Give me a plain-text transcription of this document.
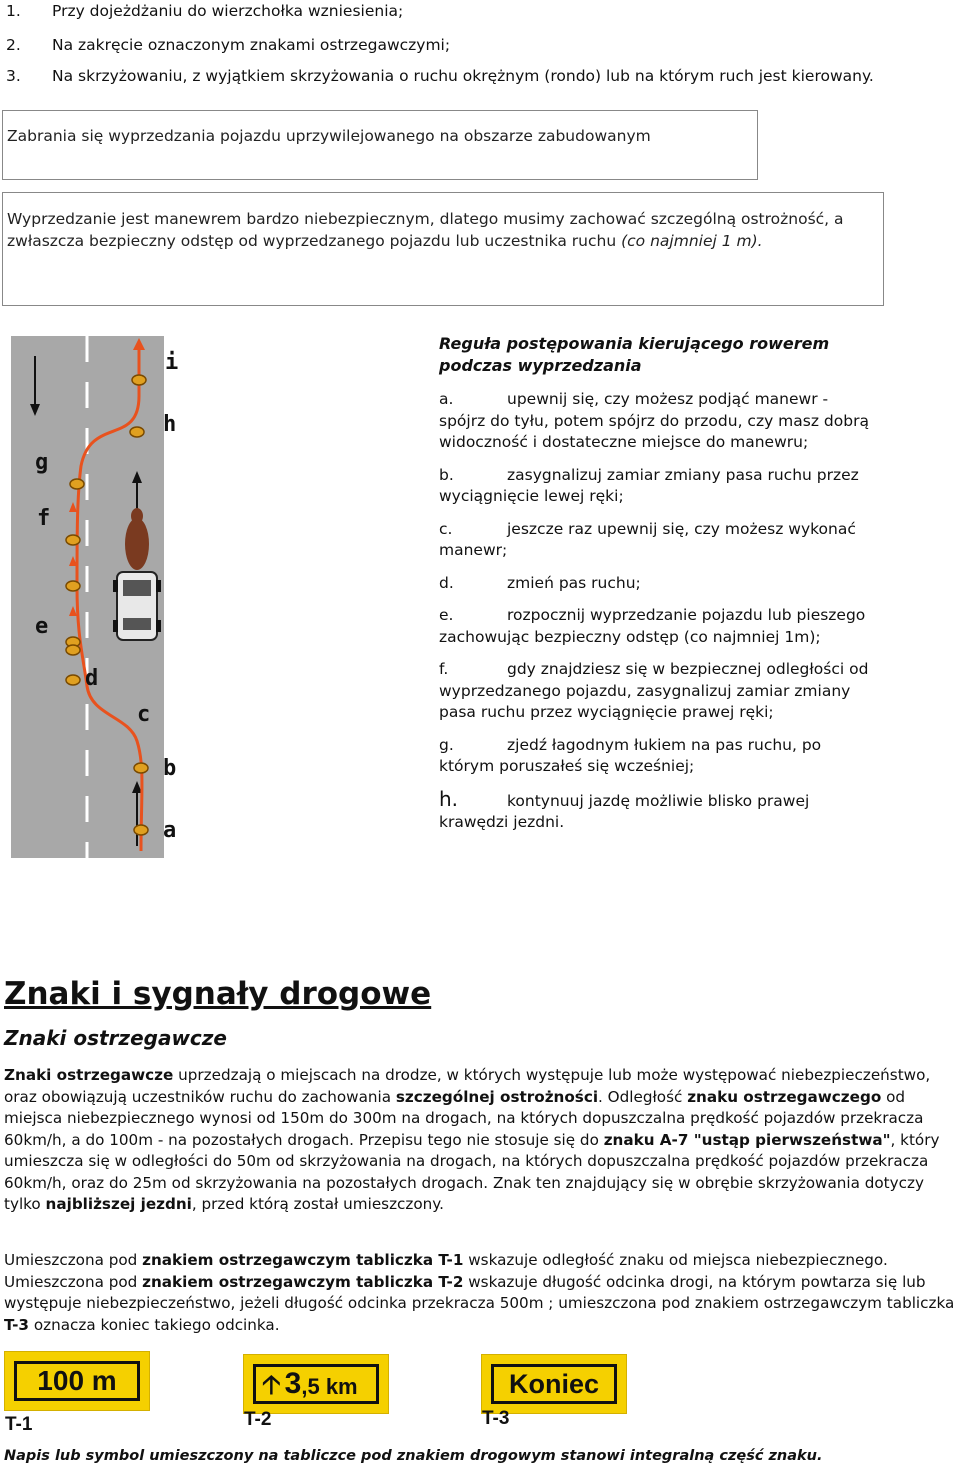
1. Przy dojeżdżaniu do wierzchołka wzniesienia;
2. Na zakręcie oznaczonym znakami ostrzegawczymi;
3. Na skrzyżowaniu, z wyjątkiem skrzyżowania o ruchu okrężnym (rondo) lub na którym ruch jest kierowany.
Zabrania się wyprzedzania pojazdu uprzywilejowanego na obszarze zabudowanym
Wyprzedzanie jest manewrem bardzo niebezpiecznym, dlatego musimy zachować szczególną ostrożność, a zwłaszcza bezpieczny odstęp od wyprzedzanego pojazdu lub uczestnika ruchu (co najmniej 1 m).
i
h
g
f
e
d
c
b
a
Reguła postępowania kierującego rowerem podczas wyprzedzania
a.	upewnij się, czy możesz podjąć manewr - spójrz do tyłu, potem spójrz do przodu, czy masz dobrą widoczność i dostateczne miejsce do manewru;
b.	zasygnalizuj zamiar zmiany pasa ruchu przez wyciągnięcie lewej ręki;
c.	jeszcze raz upewnij się, czy możesz wykonać manewr;
d.	zmień pas ruchu;
e.	rozpocznij wyprzedzanie pojazdu lub pieszego zachowując bezpieczny odstęp (co najmniej 1m);
f.	gdy znajdziesz się w bezpiecznej odległości od wyprzedzanego pojazdu, zasygnalizuj zamiar zmiany pasa ruchu przez wyciągnięcie prawej ręki;
g.	zjedź łagodnym łukiem na pas ruchu, po którym poruszałeś się wcześniej;
h.	kontynuuj jazdę możliwie blisko prawej krawędzi jezdni.
Znaki i sygnały drogowe
Znaki ostrzegawcze
Znaki ostrzegawcze uprzedzają o miejscach na drodze, w których występuje lub może występować niebezpieczeństwo, oraz obowiązują uczestników ruchu do zachowania szczególnej ostrożności. Odległość znaku ostrzegawczego od miejsca niebezpiecznego wynosi od 150m do 300m na drogach, na których dopuszczalna prędkość pojazdów przekracza 60km/h, a do 100m - na pozostałych drogach. Przepisu tego nie stosuje się do znaku A-7 "ustąp pierwszeństwa", który umieszcza się w odległości do 50m od skrzyżowania na drogach, na których dopuszczalna prędkość pojazdów przekracza 60km/h, oraz do 25m od skrzyżowania na pozostałych drogach. Znak ten znajdujący się w obrębie skrzyżowania dotyczy tylko najbliższej jezdni, przed którą został umieszczony.
Umieszczona pod znakiem ostrzegawczym tabliczka T-1 wskazuje odległość znaku od miejsca niebezpiecznego. Umieszczona pod znakiem ostrzegawczym tabliczka T-2 wskazuje długość odcinka drogi, na którym powtarza się lub występuje niebezpieczeństwo, jeżeli długość odcinka przekracza 500m ; umieszczona pod znakiem ostrzegawczym tabliczka T-3 oznacza koniec takiego odcinka.
100 m
T-1
🡡 3 ,5 km
T-2
Koniec
T-3
Napis lub symbol umieszczony na tabliczce pod znakiem drogowym stanowi integralną część znaku.
